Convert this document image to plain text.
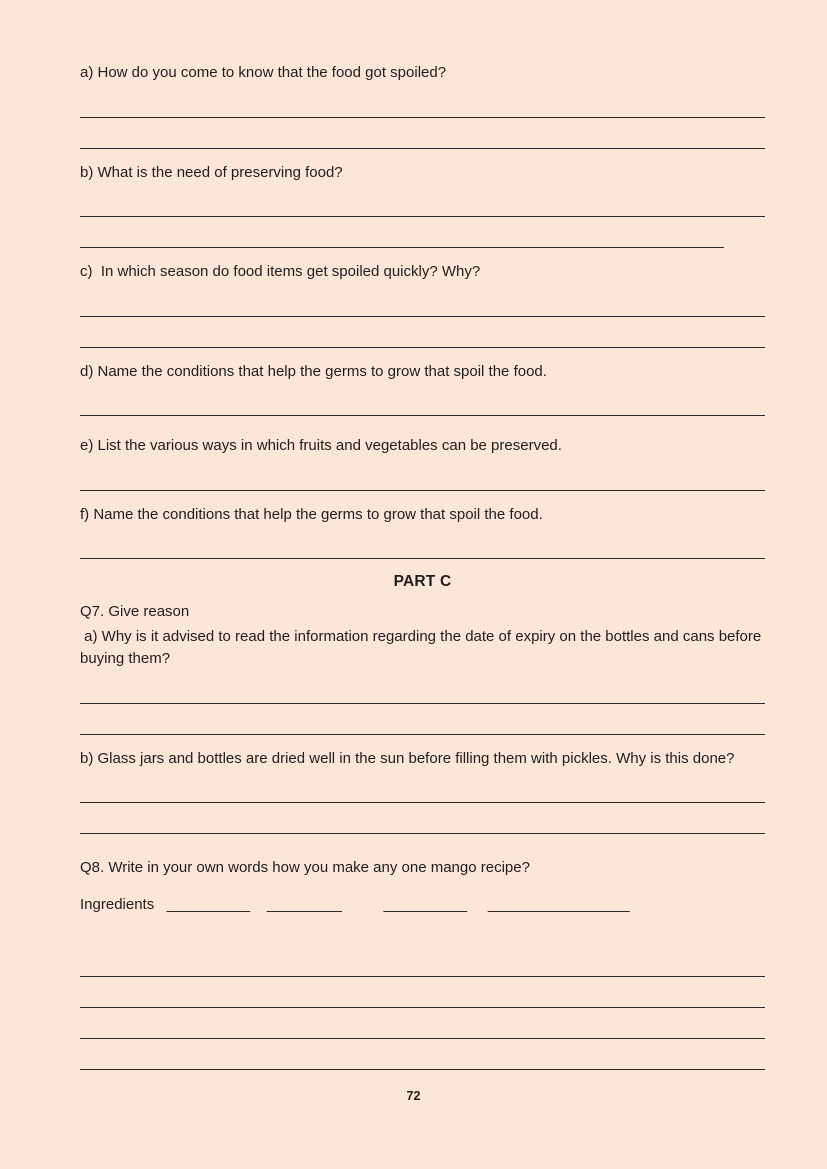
a) How do you come to know that the food got spoiled?

b) What is the need of preserving food?

c)  In which season do food items get spoiled quickly? Why?

d) Name the conditions that help the germs to grow that spoil the food.

e) List the various ways in which fruits and vegetables can be preserved.

f) Name the conditions that help the germs to grow that spoil the food.

PART C

Q7. Give reason

a) Why is it advised to read the information regarding the date of expiry on the bottles and cans before buying them?

b) Glass jars and bottles are dried well in the sun before filling them with pickles. Why is this done?

Q8. Write in your own words how you make any one mango recipe?

Ingredients   __________    _________          __________     _________________

72
